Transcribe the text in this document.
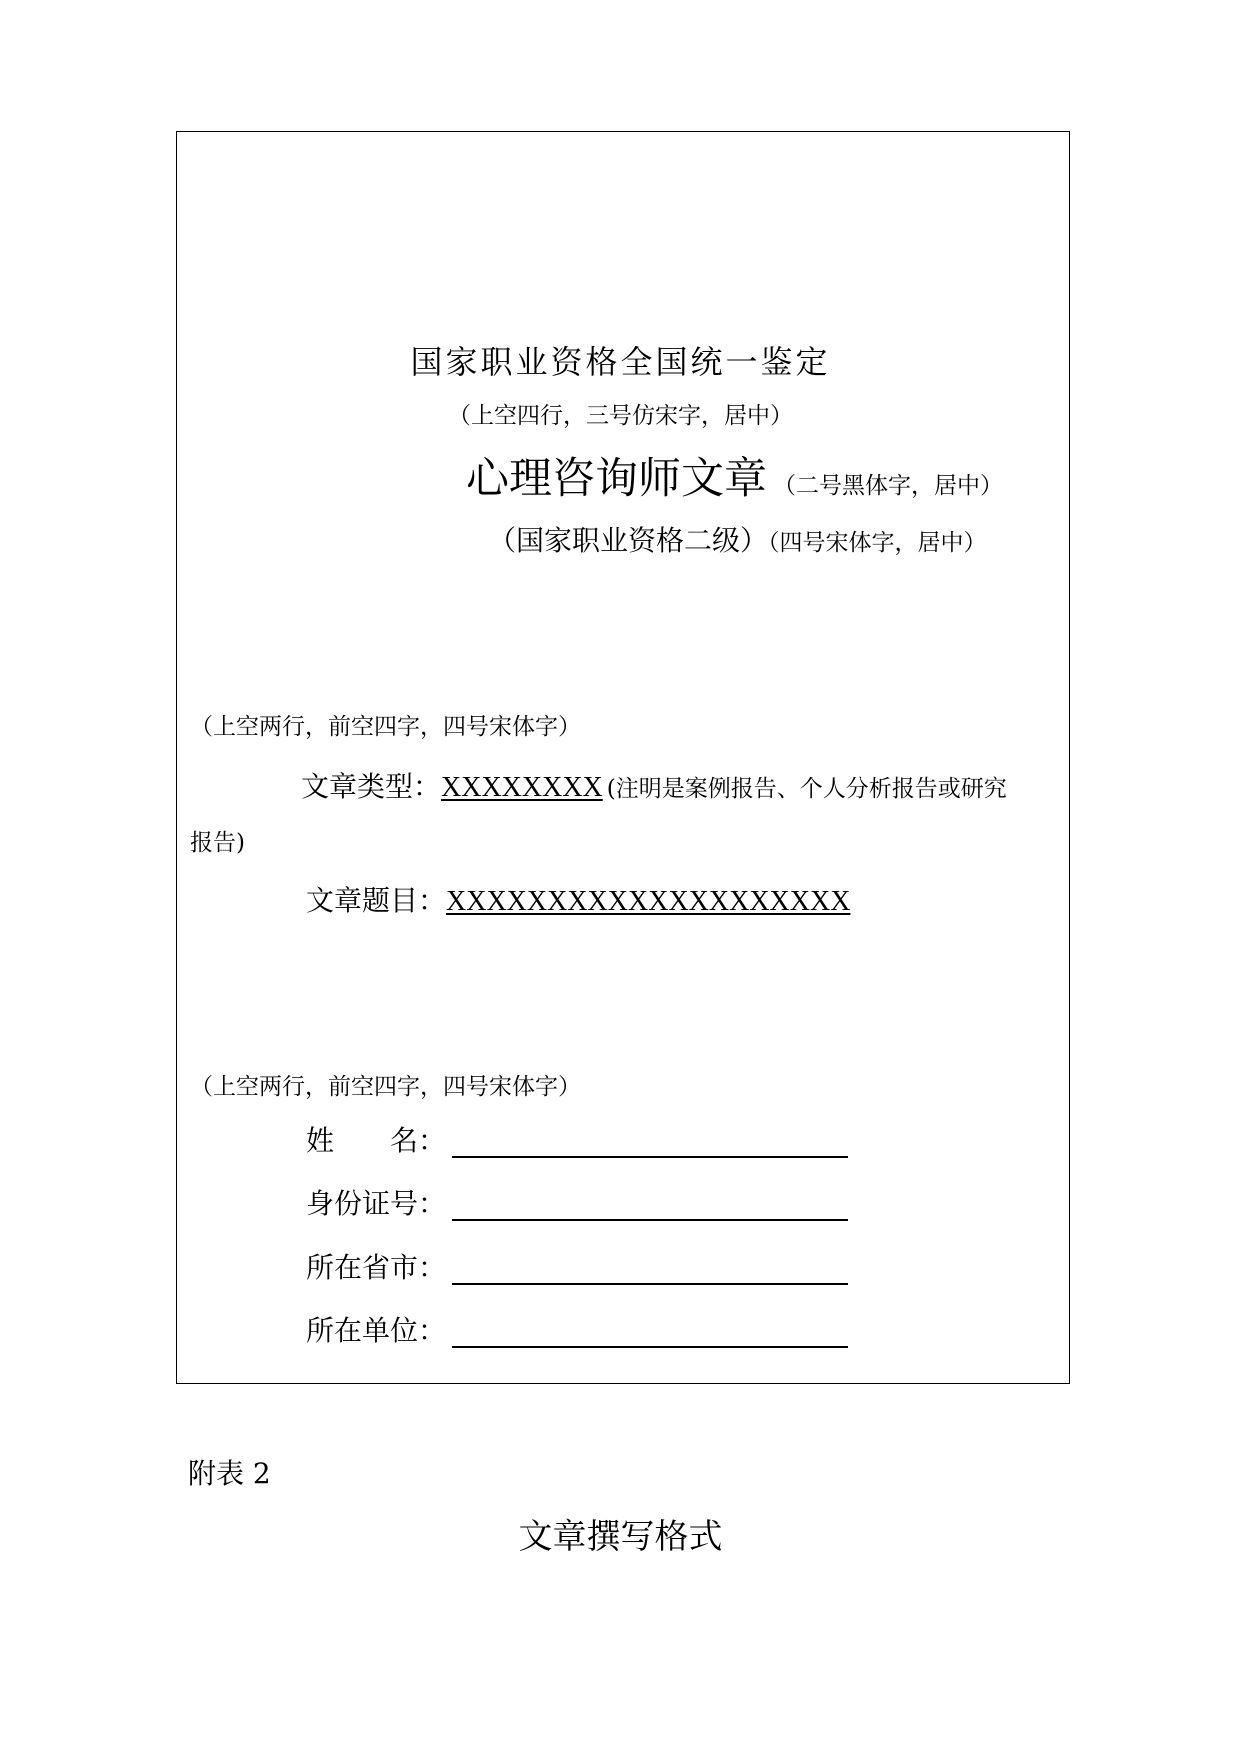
国家职业资格全国统一鉴定
（上空四行，三号仿宋字，居中）
心理咨询师文章 （二号黑体字，居中）
（国家职业资格二级）（四号宋体字，居中）
（上空两行，前空四字，四号宋体字）
文章类型：XXXXXXXX (注明是案例报告、个人分析报告或研究
报告)
文章题目：XXXXXXXXXXXXXXXXXXXX
（上空两行，前空四字，四号宋体字）
姓　　名：
身份证号：
所在省市：
所在单位：
附表 2
文章撰写格式
